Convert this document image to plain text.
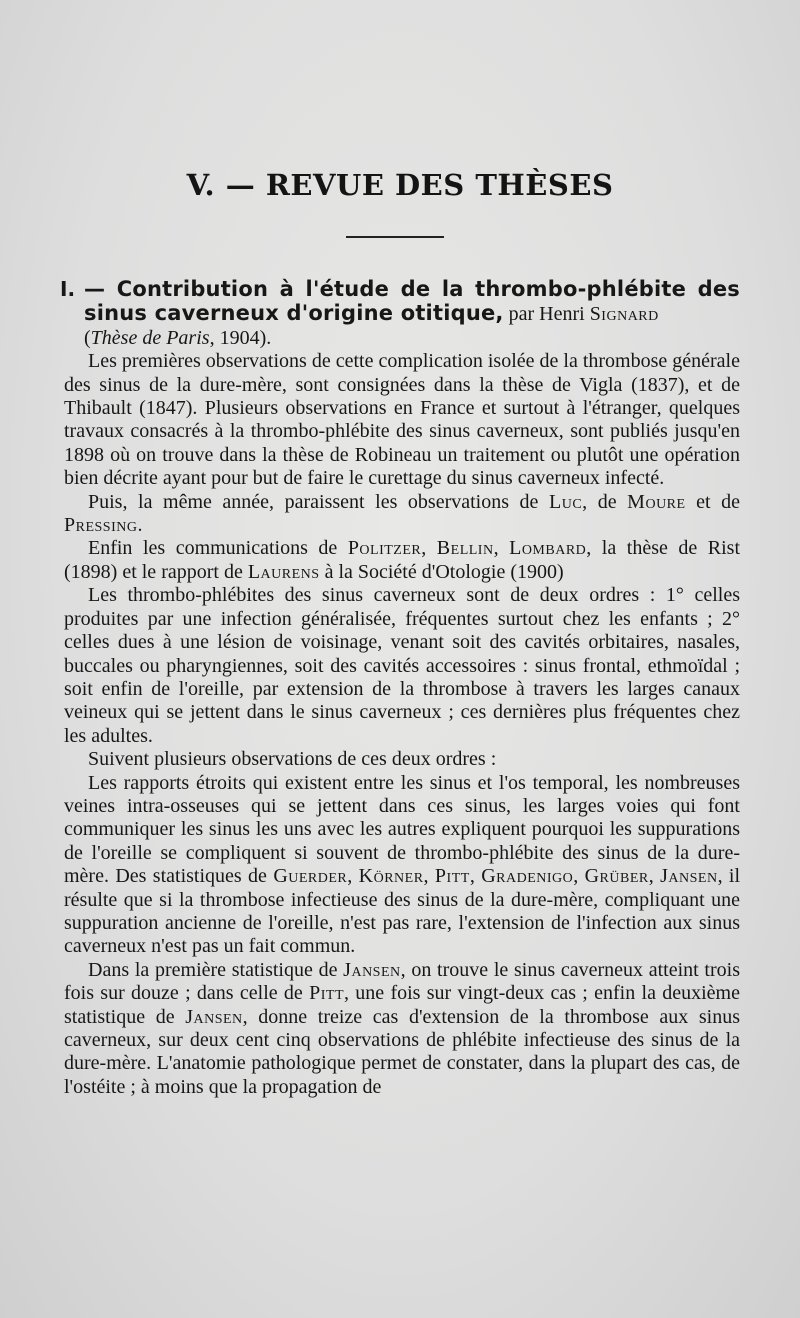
V. — REVUE DES THÈSES

I. — Contribution à l'étude de la thrombo-phlébite des sinus caverneux d'origine otitique, par Henri Signard
(Thèse de Paris, 1904).

Les premières observations de cette complication isolée de la thrombose générale des sinus de la dure-mère, sont consignées dans la thèse de Vigla (1837), et de Thibault (1847). Plusieurs observations en France et surtout à l'étranger, quelques travaux consacrés à la thrombo-phlébite des sinus caverneux, sont publiés jusqu'en 1898 où on trouve dans la thèse de Robineau un traitement ou plutôt une opération bien décrite ayant pour but de faire le curettage du sinus caverneux infecté.

Puis, la même année, paraissent les observations de Luc, de Moure et de Pressing.

Enfin les communications de Politzer, Bellin, Lombard, la thèse de Rist (1898) et le rapport de Laurens à la Société d'Otologie (1900)

Les thrombo-phlébites des sinus caverneux sont de deux ordres : 1° celles produites par une infection généralisée, fréquentes surtout chez les enfants ; 2° celles dues à une lésion de voisinage, venant soit des cavités orbitaires, nasales, buccales ou pharyngiennes, soit des cavités accessoires : sinus frontal, ethmoïdal ; soit enfin de l'oreille, par extension de la thrombose à travers les larges canaux veineux qui se jettent dans le sinus caverneux ; ces dernières plus fréquentes chez les adultes.

Suivent plusieurs observations de ces deux ordres :

Les rapports étroits qui existent entre les sinus et l'os temporal, les nombreuses veines intra-osseuses qui se jettent dans ces sinus, les larges voies qui font communiquer les sinus les uns avec les autres expliquent pourquoi les suppurations de l'oreille se compliquent si souvent de thrombo-phlébite des sinus de la dure-mère. Des statistiques de Guerder, Körner, Pitt, Gradenigo, Grüber, Jansen, il résulte que si la thrombose infectieuse des sinus de la dure-mère, compliquant une suppuration ancienne de l'oreille, n'est pas rare, l'extension de l'infection aux sinus caverneux n'est pas un fait commun.

Dans la première statistique de Jansen, on trouve le sinus caverneux atteint trois fois sur douze ; dans celle de Pitt, une fois sur vingt-deux cas ; enfin la deuxième statistique de Jansen, donne treize cas d'extension de la thrombose aux sinus caverneux, sur deux cent cinq observations de phlébite infectieuse des sinus de la dure-mère. L'anatomie pathologique permet de constater, dans la plupart des cas, de l'ostéite ; à moins que la propagation de
